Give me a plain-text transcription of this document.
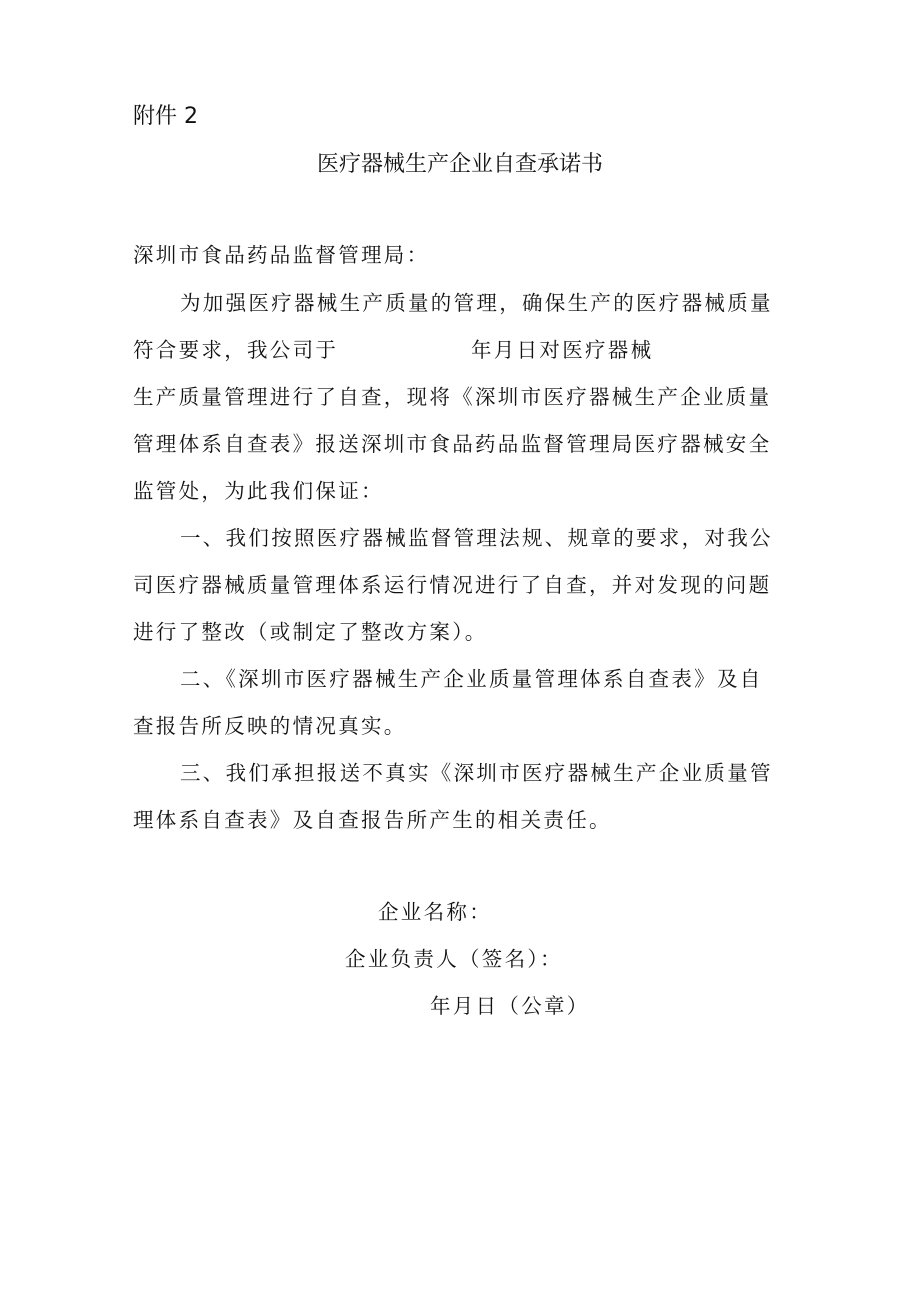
附件 2

医疗器械生产企业自查承诺书

深圳市食品药品监督管理局：

为加强医疗器械生产质量的管理，确保生产的医疗器械质量

符合要求，我公司于	年月日对医疗器械

生产质量管理进行了自查，现将《深圳市医疗器械生产企业质量

管理体系自查表》报送深圳市食品药品监督管理局医疗器械安全

监管处，为此我们保证：

一、我们按照医疗器械监督管理法规、规章的要求，对我公

司医疗器械质量管理体系运行情况进行了自查，并对发现的问题

进行了整改（或制定了整改方案）。

二、《深圳市医疗器械生产企业质量管理体系自查表》及自

查报告所反映的情况真实。

三、我们承担报送不真实《深圳市医疗器械生产企业质量管

理体系自查表》及自查报告所产生的相关责任。

企业名称：

企业负责人（签名）：

年月日（公章）
